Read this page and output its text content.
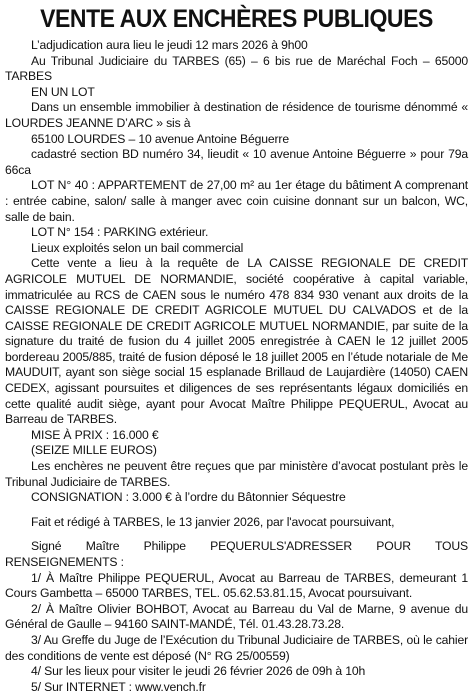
VENTE AUX ENCHÈRES PUBLIQUES

L’adjudication aura lieu le jeudi 12 mars 2026 à 9h00

Au Tribunal Judiciaire du TARBES (65) – 6 bis rue de Maréchal Foch – 65000 TARBES

EN UN LOT

Dans un ensemble immobilier à destination de résidence de tourisme dénommé « LOURDES JEANNE D’ARC » sis à

65100 LOURDES – 10 avenue Antoine Béguerre

cadastré section BD numéro 34, lieudit « 10 avenue Antoine Béguerre » pour 79a 66ca

LOT N° 40 : APPARTEMENT de 27,00 m² au 1er étage du bâtiment A comprenant : entrée cabine, salon/ salle à manger avec coin cuisine donnant sur un balcon, WC, salle de bain.

LOT N° 154 : PARKING extérieur.

Lieux exploités selon un bail commercial

Cette vente a lieu à la requête de LA CAISSE REGIONALE DE CREDIT AGRICOLE MUTUEL DE NORMANDIE, société coopérative à capital variable, immatriculée au RCS de CAEN sous le numéro 478 834 930 venant aux droits de la CAISSE REGIONALE DE CREDIT AGRICOLE MUTUEL DU CALVADOS et de la CAISSE REGIONALE DE CREDIT AGRICOLE MUTUEL NORMANDIE, par suite de la signature du traité de fusion du 4 juillet 2005 enregistrée à CAEN le 12 juillet 2005 bordereau 2005/885, traité de fusion déposé le 18 juillet 2005 en l’étude notariale de Me MAUDUIT, ayant son siège social 15 esplanade Brillaud de Laujardière (14050) CAEN CEDEX, agissant poursuites et diligences de ses représentants légaux domiciliés en cette qualité audit siège, ayant pour Avocat Maître Philippe PEQUERUL, Avocat au Barreau de TARBES.

MISE À PRIX : 16.000 €

(SEIZE MILLE EUROS)

Les enchères ne peuvent être reçues que par ministère d’avocat postulant près le Tribunal Judiciaire de TARBES.

CONSIGNATION : 3.000 € à l’ordre du Bâtonnier Séquestre

Fait et rédigé à TARBES, le 13 janvier 2026, par l'avocat poursuivant,

Signé Maître Philippe PEQUERULS'ADRESSER POUR TOUS RENSEIGNEMENTS :

1/ À Maître Philippe PEQUERUL, Avocat au Barreau de TARBES, demeurant 1 Cours Gambetta – 65000 TARBES, TEL. 05.62.53.81.15, Avocat poursuivant.

2/ À Maître Olivier BOHBOT, Avocat au Barreau du Val de Marne, 9 avenue du Général de Gaulle – 94160 SAINT-MANDÉ, Tél. 01.43.28.73.28.

3/ Au Greffe du Juge de l’Exécution du Tribunal Judiciaire de TARBES, où le cahier des conditions de vente est déposé (N° RG 25/00559)

4/ Sur les lieux pour visiter le jeudi 26 février 2026 de 09h à 10h

5/ Sur INTERNET : www.vench.fr
